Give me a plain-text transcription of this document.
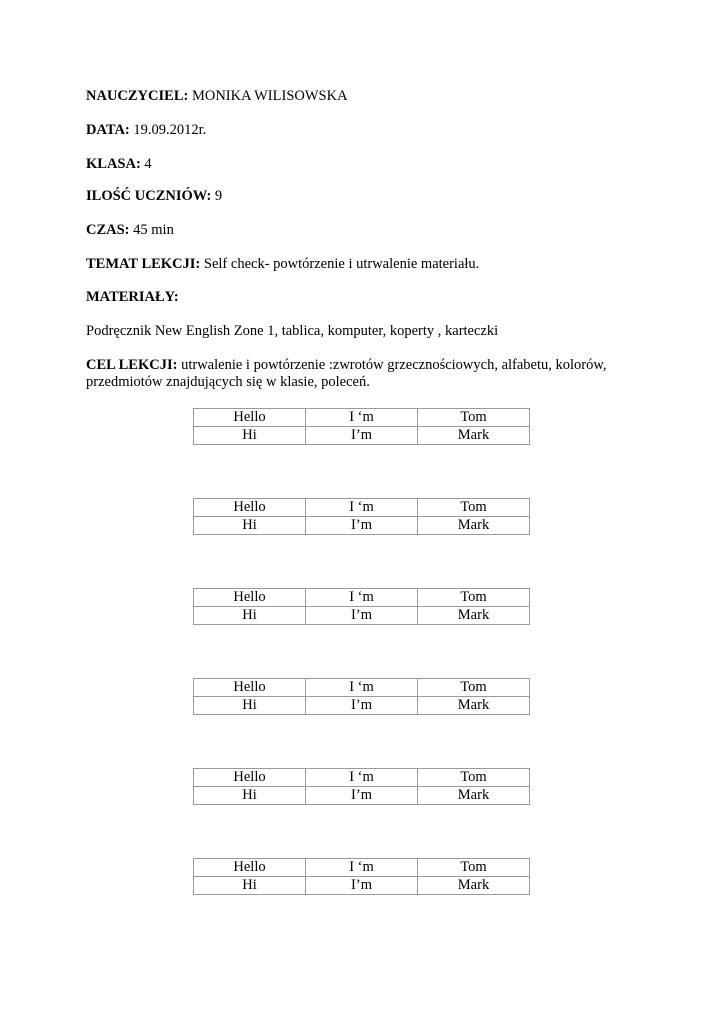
NAUCZYCIEL: MONIKA WILISOWSKA
DATA: 19.09.2012r.
KLASA: 4
ILOŚĆ UCZNIÓW: 9
CZAS: 45 min
TEMAT LEKCJI: Self check- powtórzenie i utrwalenie materiału.
MATERIAŁY:
Podręcznik New English Zone 1, tablica, komputer, koperty , karteczki
CEL LEKCJI: utrwalenie i powtórzenie :zwrotów grzecznościowych, alfabetu, kolorów, przedmiotów znajdujących się w klasie, poleceń.
Hello	I ‘m	Tom
Hi	I’m	Mark
Hello	I ‘m	Tom
Hi	I’m	Mark
Hello	I ‘m	Tom
Hi	I’m	Mark
Hello	I ‘m	Tom
Hi	I’m	Mark
Hello	I ‘m	Tom
Hi	I’m	Mark
Hello	I ‘m	Tom
Hi	I’m	Mark
